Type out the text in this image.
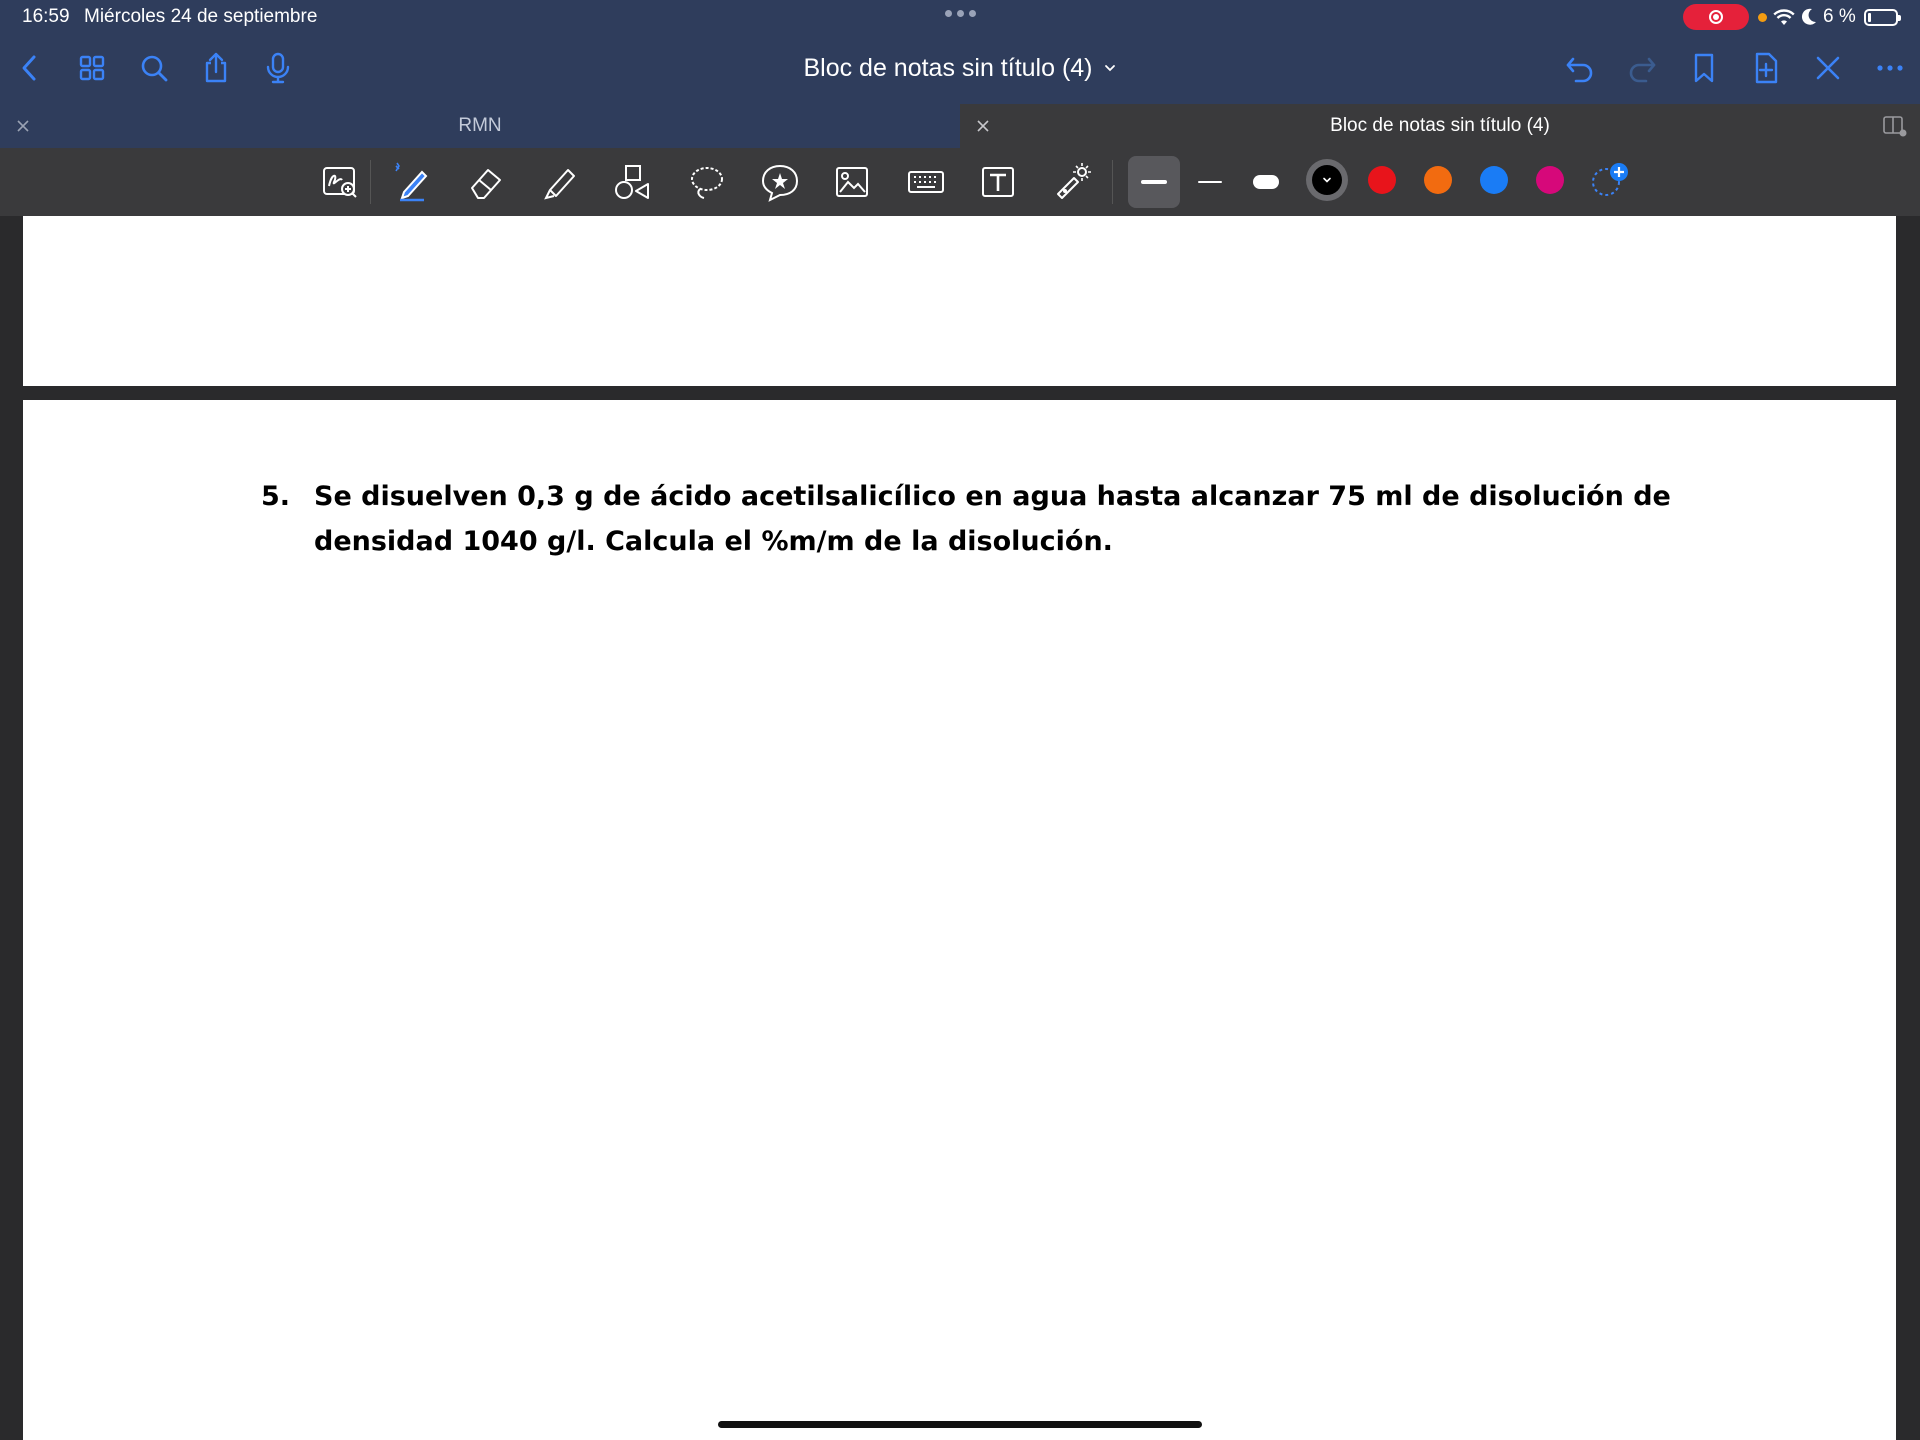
16:59 Miércoles 24 de septiembre	6 %
Bloc de notas sin título (4)
RMN	Bloc de notas sin título (4)
5. Se disuelven 0,3 g de ácido acetilsalicílico en agua hasta alcanzar 75 ml de disolución de densidad 1040 g/l. Calcula el %m/m de la disolución.
